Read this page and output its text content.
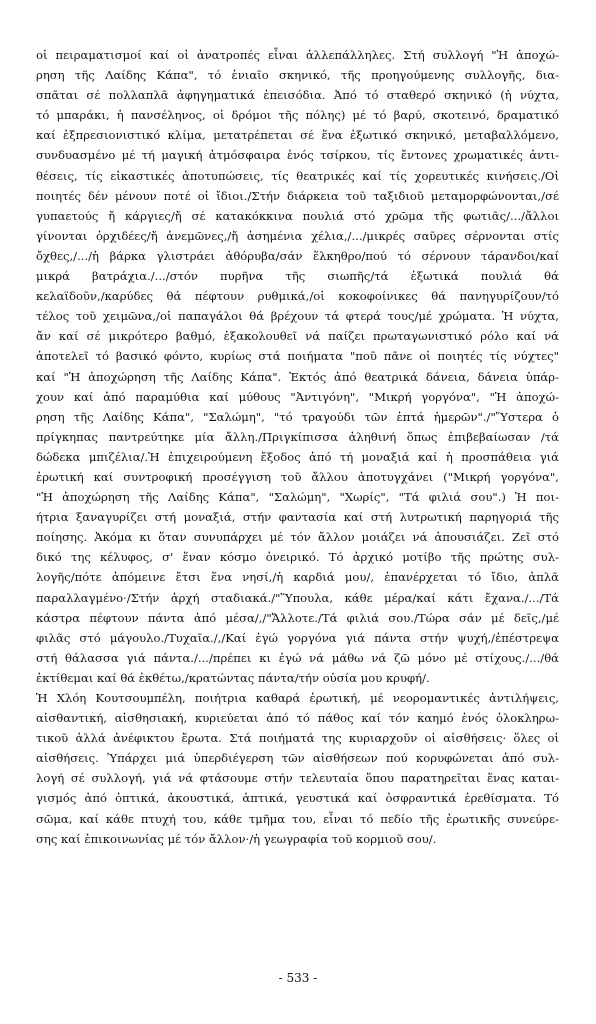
οἱ πειραματισμοί καί οἱ ἀνατροπές εἶναι ἀλλεπάλληλες. Στή συλλογή "Ἡ ἀποχώ-
ρηση τῆς Λαίδης Κάπα", τό ἑνιαῖο σκηνικό, τῆς προηγούμενης συλλογῆς, δια-
σπᾶται σέ πολλαπλᾶ ἀφηγηματικά ἐπεισόδια. Ἀπό τό σταθερό σκηνικό (ἡ νύχτα,
τό μπαράκι, ἡ πανσέληνος, οἱ δρόμοι τῆς πόλης) μέ τό βαρύ, σκοτεινό, δραματικό
καί ἐξπρεσιονιστικό κλίμα, μετατρέπεται σέ ἕνα ἐξωτικό σκηνικό, μεταβαλλόμενο,
συνδυασμένο μέ τή μαγική ἀτμόσφαιρα ἑνός τσίρκου, τίς ἔντονες χρωματικές ἀντι-
θέσεις, τίς εἰκαστικές ἀποτυπώσεις, τίς θεατρικές καί τίς χορευτικές κινήσεις./Οἱ
ποιητές δέν μένουν ποτέ οἱ ἴδιοι./Στήν διάρκεια τοῦ ταξιδιοῦ μεταμορφώνονται,/σέ
γυπαετούς ἤ κάργιες/ἤ σέ κατακόκκινα πουλιά στό χρῶμα τῆς φωτιᾶς/.../ἄλλοι
γίνονται ὀρχιδέες/ἤ ἀνεμῶνες,/ἤ ἀσημένια χέλια,/.../μικρές σαῦρες σέρνονται στίς
ὄχθες,/.../ἡ βάρκα γλιστράει ἀθόρυβα/σάν ἕλκηθρο/πού τό σέρνουν τάρανδοι/καί
μικρά βατράχια./.../στόν πυρῆνα τῆς σιωπῆς/τά ἐξωτικά πουλιά θά
κελαϊδοῦν,/καρύδες θά πέφτουν ρυθμικά,/οἱ κοκοφοίνικες θά πανηγυρίζουν/τό
τέλος τοῦ χειμῶνα,/οἱ παπαγάλοι θά βρέχουν τά φτερά τους/μέ χρώματα. Ἡ νύχτα,
ἄν καί σέ μικρότερο βαθμό, ἐξακολουθεῖ νά παίζει πρωταγωνιστικό ρόλο καί νά
ἀποτελεῖ τό βασικό φόντο, κυρίως στά ποιήματα "ποῦ πᾶνε οἱ ποιητές τίς νύχτες"
καί "Ἡ ἀποχώρηση τῆς Λαίδης Κάπα". Ἐκτός ἀπό θεατρικά δάνεια, δάνεια ὑπάρ-
χουν καί ἀπό παραμύθια καί μύθους "Ἀντιγόνη", "Μικρή γοργόνα", "Ἡ ἀποχώ-
ρηση τῆς Λαίδης Κάπα", "Σαλώμη", "τό τραγούδι τῶν ἑπτά ἡμερῶν"./"Ὕστερα ὁ
πρίγκηπας παντρεύτηκε μία ἄλλη./Πριγκίπισσα ἀληθινή ὅπως ἐπιβεβαίωσαν /τά
δώδεκα μπιζέλια/.Ἡ ἐπιχειρούμενη ἔξοδος ἀπό τή μοναξιά καί ἡ προσπάθεια γιά
ἐρωτική καί συντροφική προσέγγιση τοῦ ἄλλου ἀποτυγχάνει ("Μικρή γοργόνα",
"Ἡ ἀποχώρηση τῆς Λαίδης Κάπα", "Σαλώμη", "Χωρίς", "Τά φιλιά σου".) Ἡ ποι-
ήτρια ξαναγυρίζει στή μοναξιά, στήν φαντασία καί στή λυτρωτική παρηγοριά τῆς
ποίησης. Ἀκόμα κι ὅταν συνυπάρχει μέ τόν ἄλλον μοιάζει νά ἀπουσιάζει. Ζεῖ στό
δικό της κέλυφος, σ' ἕναν κόσμο ὀνειρικό. Τό ἀρχικό μοτίβο τῆς πρώτης συλ-
λογῆς/πότε ἀπόμεινε ἔτσι ἕνα νησί,/ἡ καρδιά μου/, ἐπανέρχεται τό ἴδιο, ἀπλᾶ
παραλλαγμένο·/Στήν ἀρχή σταδιακά./"Ὕπουλα, κάθε μέρα/καί κάτι ἔχανα./.../Τά
κάστρα πέφτουν πάντα ἀπό μέσα/,/"Ἄλλοτε./Τά φιλιά σου./Τώρα σάν μέ δεῖς,/μέ
φιλᾶς στό μάγουλο./Τυχαῖα./,/Καί ἐγώ γοργόνα γιά πάντα στήν ψυχή,/ἐπέστρεψα
στή θάλασσα γιά πάντα./.../πρέπει κι ἐγώ νά μάθω νά ζῶ μόνο μέ στίχους./.../θά
ἐκτίθεμαι καί θά ἐκθέτω,/κρατώντας πάντα/τήν οὐσία μου κρυφή/.
Ἡ Χλόη Κουτσουμπέλη, ποιήτρια καθαρά ἐρωτική, μέ νεορομαντικές ἀντιλήψεις,
αἰσθαντική, αἰσθησιακή, κυριεύεται ἀπό τό πάθος καί τόν καημό ἑνός ὁλοκληρω-
τικοῦ ἀλλά ἀνέφικτου ἔρωτα. Στά ποιήματά της κυριαρχοῦν οἱ αἰσθήσεις· ὅλες οἱ
αἰσθήσεις. Ὑπάρχει μιά ὑπερδιέγερση τῶν αἰσθήσεων πού κορυφώνεται ἀπό συλ-
λογή σέ συλλογή, γιά νά φτάσουμε στήν τελευταία ὅπου παρατηρεῖται ἕνας καται-
γισμός ἀπό ὀπτικά, ἀκουστικά, ἁπτικά, γευστικά καί ὀσφραντικά ἐρεθίσματα. Τό
σῶμα, καί κάθε πτυχή του, κάθε τμῆμα του, εἶναι τό πεδίο τῆς ἐρωτικῆς συνεύρε-
σης καί ἐπικοινωνίας μέ τόν ἄλλον·/ἡ γεωγραφία τοῦ κορμιοῦ σου/.
- 533 -
